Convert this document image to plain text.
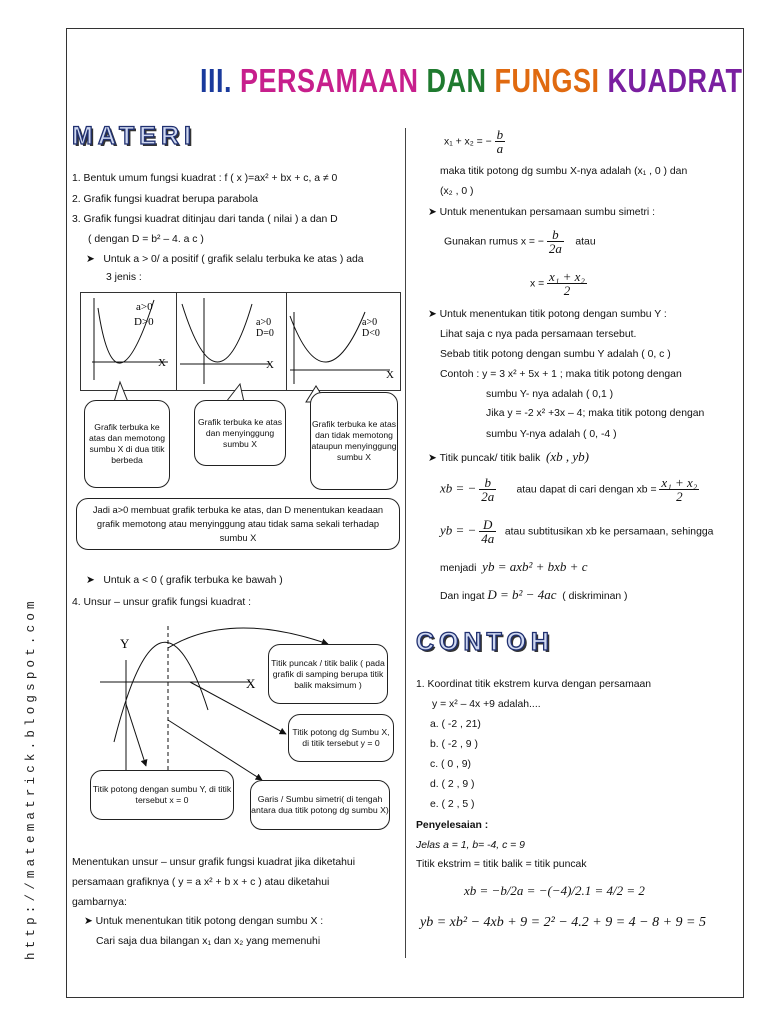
III. PERSAMAAN DAN FUNGSI KUADRAT
http://matematrick.blogspot.com
MATERI
CONTOH
1. Bentuk umum fungsi kuadrat : f ( x )=ax² + bx + c, a ≠ 0
2. Grafik fungsi kuadrat berupa parabola
3. Grafik fungsi kuadrat ditinjau dari tanda ( nilai ) a dan D
( dengan D = b² – 4. a c )
➤   Untuk a > 0/ a positif ( grafik selalu terbuka ke atas ) ada
3 jenis :
a>0
D>0
X
a>0
D=0
X
a>0
D<0
X
Grafik terbuka ke atas dan memotong sumbu X di dua titik berbeda
Grafik terbuka ke atas dan menyinggung sumbu X
Grafik terbuka ke atas dan tidak memotong ataupun menyinggung sumbu X
Jadi a>0 membuat grafik terbuka ke atas, dan D menentukan keadaan grafik memotong atau menyinggung atau tidak sama sekali terhadap sumbu X
➤   Untuk a < 0 ( grafik terbuka ke bawah )
4. Unsur – unsur grafik fungsi kuadrat :
Y
X
Titik puncak / titik balik ( pada grafik di samping berupa titik balik maksimum )
Titik potong dg Sumbu X, di titik tersebut y = 0
Titik potong dengan sumbu Y, di titik tersebut x = 0	Garis / Sumbu simetri( di tengah antara dua titik potong dg sumbu X)
Menentukan unsur – unsur grafik fungsi kuadrat jika diketahui
persamaan grafiknya ( y = a x² + b x + c ) atau diketahui
gambarnya:
➤ Untuk menentukan titik potong dengan sumbu X :
Cari saja dua bilangan x₁ dan x₂ yang memenuhi
x₁ + x₂ = − $\frac{b}{a}$
maka titik potong dg sumbu X-nya adalah (x₁ , 0 ) dan
(x₂ , 0 )
➤ Untuk menentukan persamaan sumbu simetri :
Gunakan rumus x = − $\frac{b}{2a}$ atau
$x = \frac{\text{x₁ + x₂}}{2}$
➤ Untuk menentukan titik potong dengan sumbu Y :
Lihat saja c nya pada persamaan tersebut.
Sebab titik potong dengan sumbu Y adalah ( 0, c )
Contoh : y = 3 x² + 5x + 1 ; maka titik potong dengan
sumbu Y- nya adalah ( 0,1 )
Jika y = -2 x² +3x – 4; maka titik potong dengan
sumbu Y-nya adalah ( 0, -4 )
➤ Titik puncak/ titik balik (xb , yb)
xb = − $\frac{b}{2a}$ atau dapat di cari dengan xb = $\frac{\text{x₁ + x₂}}{2}$
yb = − $\frac{D}{4a}$ atau subtitusikan xb ke persamaan, sehingga
menjadi yb = axb² + bxb + c
Dan ingat D = b² − 4ac ( diskriminan )
1. Koordinat titik ekstrem kurva dengan persamaan
y = x² – 4x +9 adalah....
a. ( -2 , 21)
b. ( -2 , 9 )
c. ( 0 , 9)
d. ( 2 , 9 )
e. ( 2 , 5 )
Penyelesaian :
Jelas a = 1, b= -4, c = 9
Titik ekstrim = titik balik = titik puncak
xb = −b/2a = −(−4)/2.1 = 4/2 = 2
yb = xb² − 4xb + 9 = 2² − 4.2 + 9 = 4 − 8 + 9 = 5
